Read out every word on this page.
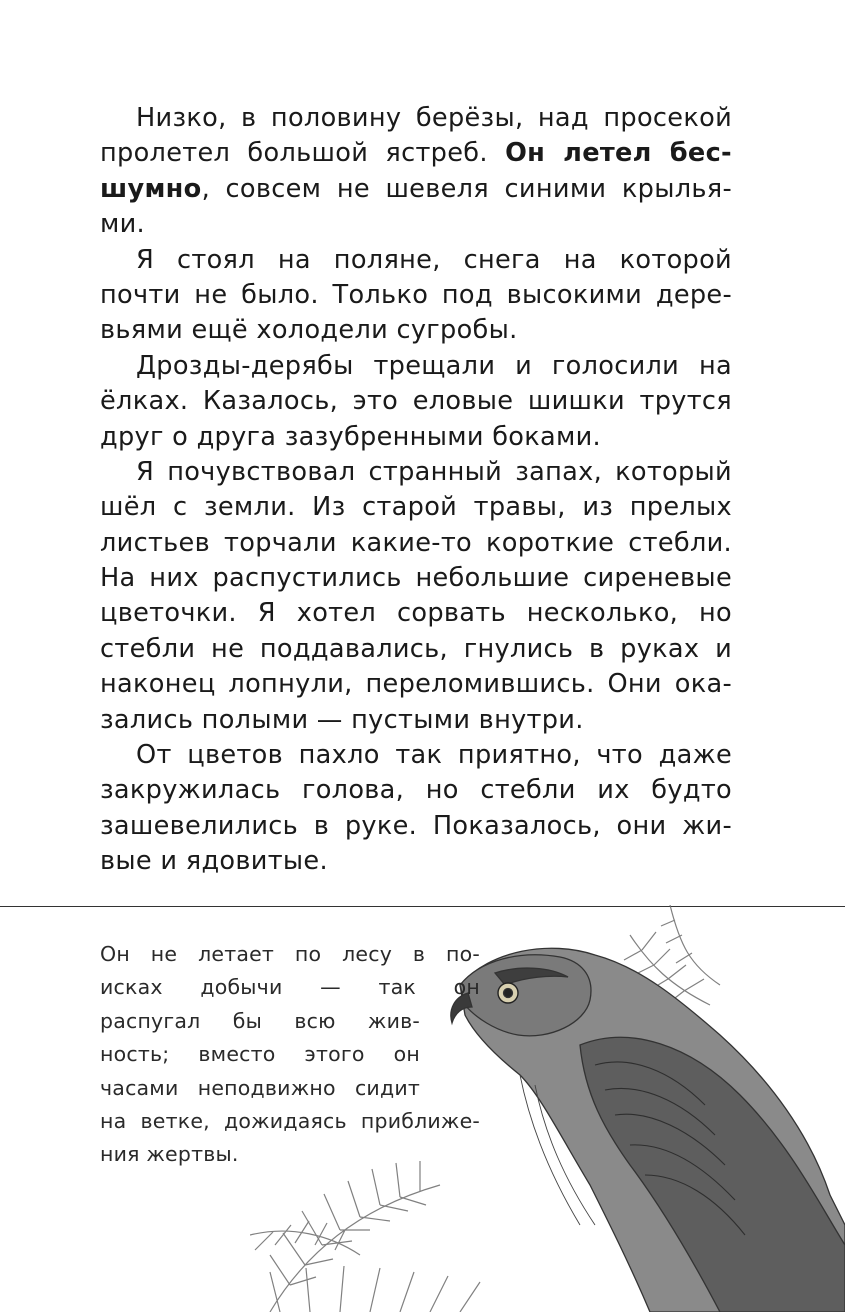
Низко, в половину берёзы, над просекой
пролетел большой ястреб. Он летел бес-
шумно, совсем не шевеля синими крылья-
ми.
Я стоял на поляне, снега на которой
почти не было. Только под высокими дере-
вьями ещё холодели сугробы.
Дрозды-дерябы трещали и голосили на
ёлках. Казалось, это еловые шишки трутся
друг о друга зазубренными боками.
Я почувствовал странный запах, который
шёл с земли. Из старой травы, из прелых
листьев торчали какие-то короткие стебли.
На них распустились небольшие сиреневые
цветочки. Я хотел сорвать несколько, но
стебли не поддавались, гнулись в руках и
наконец лопнули, переломившись. Они ока-
зались полыми — пустыми внутри.
От цветов пахло так приятно, что даже
закружилась голова, но стебли их будто
зашевелились в руке. Показалось, они жи-
вые и ядовитые.
Он не летает по лесу в по-
исках добычи — так он
распугал бы всю жив-
ность; вместо этого он
часами неподвижно сидит
на ветке, дожидаясь приближе-
ния жертвы.
